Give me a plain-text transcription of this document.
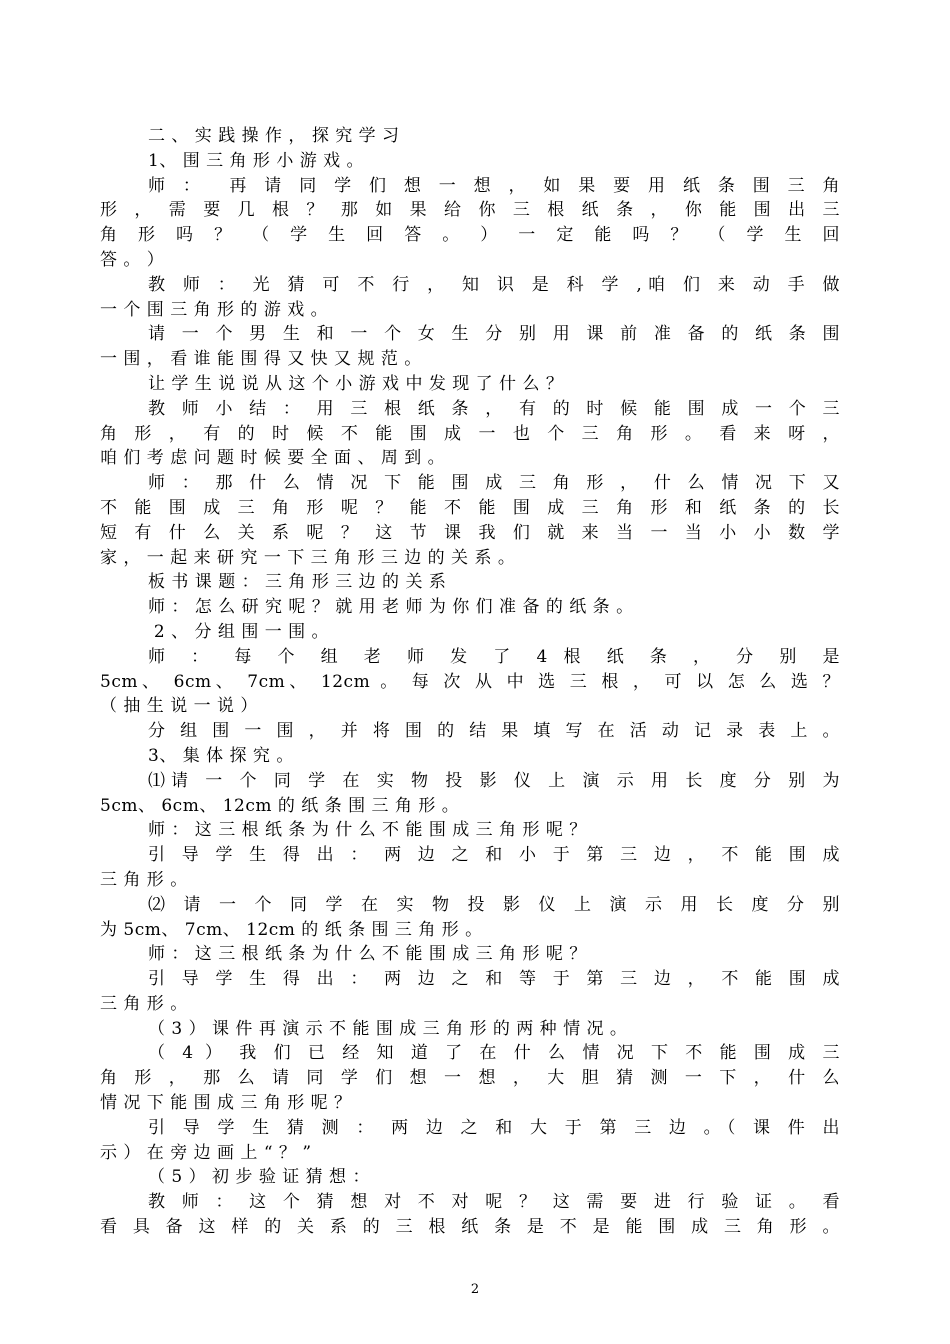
二 、 实 践 操 作 ， 探 究 学 习
1、 围 三 角 形 小 游 戏 。
师 ：  再 请 同 学 们 想 一 想 ， 如 果 要 用 纸 条 围 三 角
形 ， 需 要 几 根 ？ 那 如 果 给 你 三 根 纸 条 ， 你 能 围 出 三
角 形 吗 ？ （ 学 生 回 答 。 ） 一 定 能 吗 ？ （ 学 生 回
答 。 ）
教 师 ： 光 猜 可 不 行 ， 知 识 是 科 学 ,咱 们 来 动 手 做
一 个 围 三 角 形 的 游 戏 。
请 一 个 男 生 和 一 个 女 生 分 别 用 课 前 准 备 的 纸 条 围
一 围 ， 看 谁 能 围 得 又 快 又 规 范 。
让 学 生 说 说 从 这 个 小 游 戏 中 发 现 了 什 么 ？
教 师 小 结 ： 用 三 根 纸 条 ， 有 的 时 候 能 围 成 一 个 三
角 形 ， 有 的 时 候 不 能 围 成 一 也 个 三 角 形 。 看 来 呀 ，
咱 们 考 虑 问 题 时 候 要 全 面 、 周 到 。
师 ： 那 什 么 情 况 下 能 围 成 三 角 形 ， 什 么 情 况 下 又
不 能 围 成 三 角 形 呢 ？ 能 不 能 围 成 三 角 形 和 纸 条 的 长
短 有 什 么 关 系 呢 ？ 这 节 课 我 们 就 来 当 一 当 小 小 数 学
家 ， 一 起 来 研 究 一 下 三 角 形 三 边 的 关 系 。
板 书 课 题 ： 三 角 形 三 边 的 关 系
师 ： 怎 么 研 究 呢 ？ 就 用 老 师 为 你 们 准 备 的 纸 条 。
2 、 分 组 围 一 围 。
师 ： 每 个 组 老 师 发 了 4 根 纸 条 ， 分 别 是
5cm、 6cm、 7cm、 12cm 。 每 次 从 中 选 三 根 ， 可 以 怎 么 选 ？
（ 抽 生 说 一 说 ）
分 组 围 一 围 ， 并 将 围 的 结 果 填 写 在 活 动 记 录 表 上 。
3、 集 体 探 究 。
⑴请 一 个 同 学 在 实 物 投 影 仪 上 演 示 用 长 度 分 别 为
5cm、 6cm、 12cm 的 纸 条 围 三 角 形 。
师 ： 这 三 根 纸 条 为 什 么 不 能 围 成 三 角 形 呢 ？
引 导 学 生 得 出 ： 两 边 之 和 小 于 第 三 边 ， 不 能 围 成
三 角 形 。
⑵ 请 一 个 同 学 在 实 物 投 影 仪 上 演 示 用 长 度 分 别
为 5cm、 7cm、 12cm 的 纸 条 围 三 角 形 。
师 ： 这 三 根 纸 条 为 什 么 不 能 围 成 三 角 形 呢 ？
引 导 学 生 得 出 ： 两 边 之 和 等 于 第 三 边 ， 不 能 围 成
三 角 形 。
（ 3 ） 课 件 再 演 示 不 能 围 成 三 角 形 的 两 种 情 况 。
（ 4 ） 我 们 已 经 知 道 了 在 什 么 情 况 下 不 能 围 成 三
角 形 ， 那 么 请 同 学 们 想 一 想 ， 大 胆 猜 测 一 下 ， 什 么
情 况 下 能 围 成 三 角 形 呢 ？
引 导 学 生 猜 测 ： 两 边 之 和 大 于 第 三 边 。（ 课 件 出
示 ） 在 旁 边 画 上 “ ？ ”
（ 5 ） 初 步 验 证 猜 想 ：
教 师 ： 这 个 猜 想 对 不 对 呢 ？ 这 需 要 进 行 验 证 。 看
看 具 备 这 样 的 关 系 的 三 根 纸 条 是 不 是 能 围 成 三 角 形 。
2
